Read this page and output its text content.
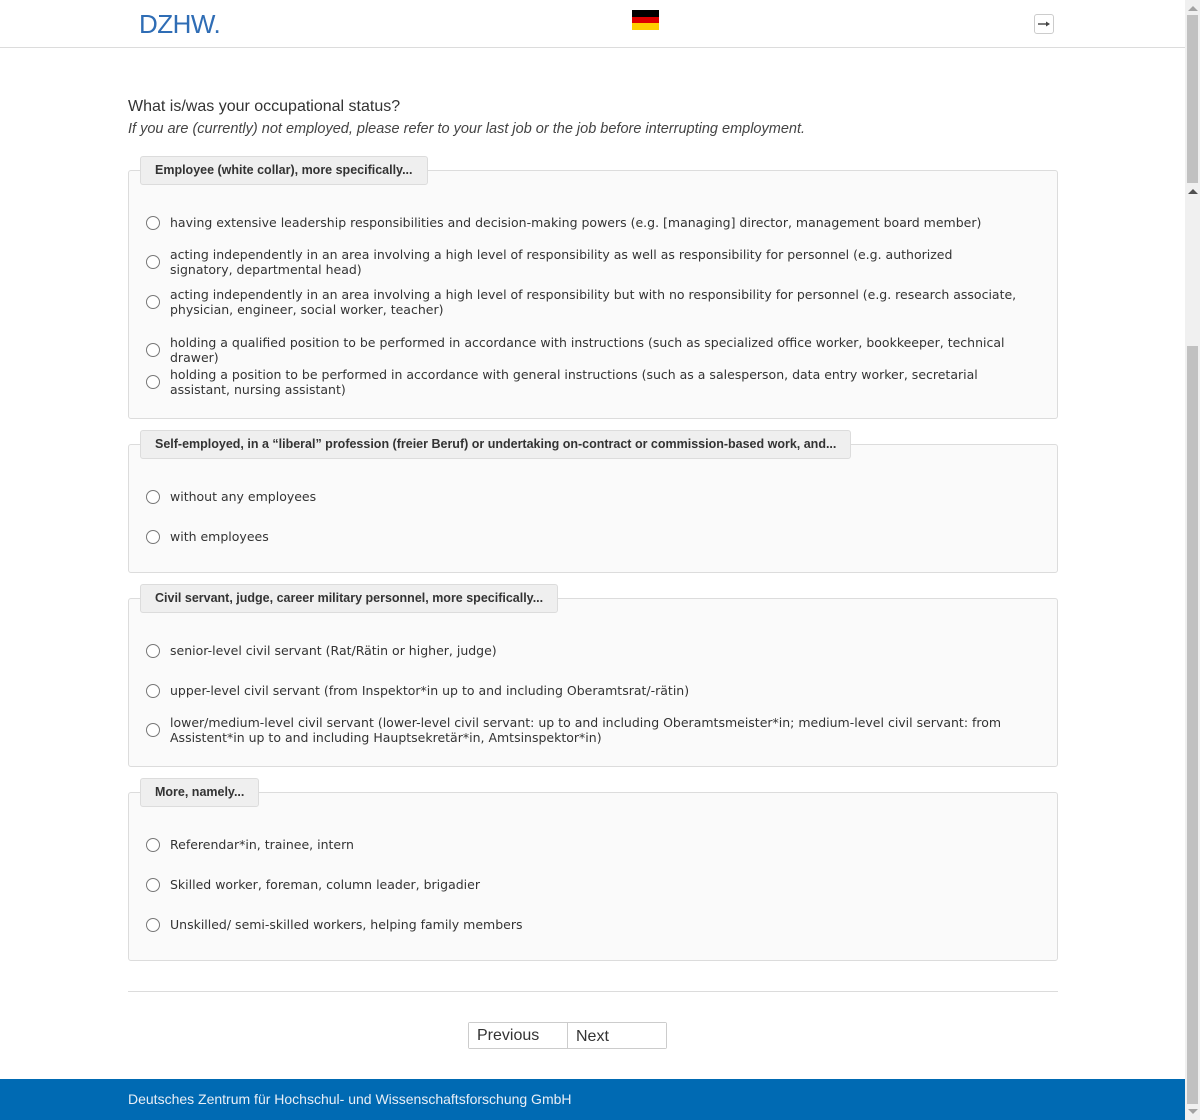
DZHW.

What is/was your occupational status?

If you are (currently) not employed, please refer to your last job or the job before interrupting employment.

Employee (white collar), more specifically...
having extensive leadership responsibilities and decision-making powers (e.g. [managing] director, management board member)
acting independently in an area involving a high level of responsibility as well as responsibility for personnel (e.g. authorized signatory, departmental head)
acting independently in an area involving a high level of responsibility but with no responsibility for personnel (e.g. research associate, physician, engineer, social worker, teacher)
holding a qualified position to be performed in accordance with instructions (such as specialized office worker, bookkeeper, technical drawer)
holding a position to be performed in accordance with general instructions (such as a salesperson, data entry worker, secretarial assistant, nursing assistant)
Self-employed, in a “liberal” profession (freier Beruf) or undertaking on-contract or commission-based work, and...
without any employees
with employees
Civil servant, judge, career military personnel, more specifically...
senior-level civil servant (Rat/Rätin or higher, judge)
upper-level civil servant (from Inspektor*in up to and including Oberamtsrat/-rätin)
lower/medium-level civil servant (lower-level civil servant: up to and including Oberamtsmeister*in; medium-level civil servant: from Assistent*in up to and including Hauptsekretär*in, Amtsinspektor*in)
More, namely...
Referendar*in, trainee, intern
Skilled worker, foreman, column leader, brigadier
Unskilled/ semi-skilled workers, helping family members
Previous	Next
Deutsches Zentrum für Hochschul- und Wissenschaftsforschung GmbH
